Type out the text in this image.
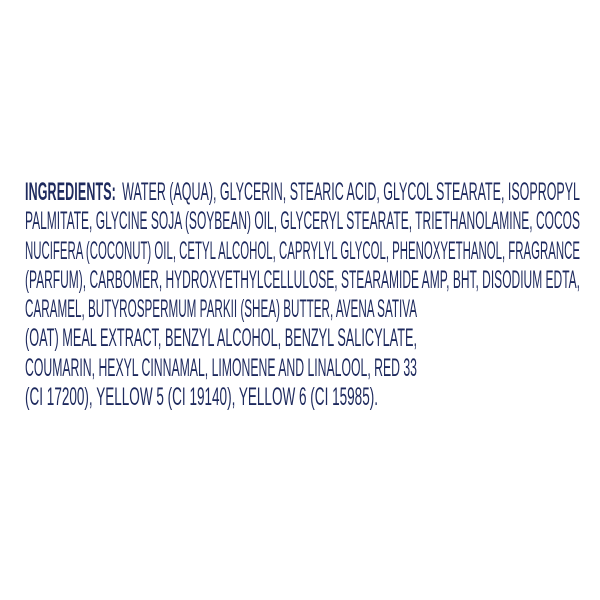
INGREDIENTS: WATER (AQUA), GLYCERIN, STEARIC ACID, GLYCOL STEARATE, ISOPROPYL
PALMITATE, GLYCINE SOJA (SOYBEAN) OIL, GLYCERYL STEARATE, TRIETHANOLAMINE, COCOS
NUCIFERA (COCONUT) OIL, CETYL ALCOHOL, CAPRYLYL GLYCOL, PHENOXYETHANOL, FRAGRANCE
(PARFUM), CARBOMER, HYDROXYETHYLCELLULOSE, STEARAMIDE AMP, BHT, DISODIUM EDTA,
CARAMEL, BUTYROSPERMUM PARKII (SHEA) BUTTER, AVENA SATIVA
(OAT) MEAL EXTRACT, BENZYL ALCOHOL, BENZYL SALICYLATE,
COUMARIN, HEXYL CINNAMAL, LIMONENE AND LINALOOL, RED 33
(CI 17200), YELLOW 5 (CI 19140), YELLOW 6 (CI 15985).
